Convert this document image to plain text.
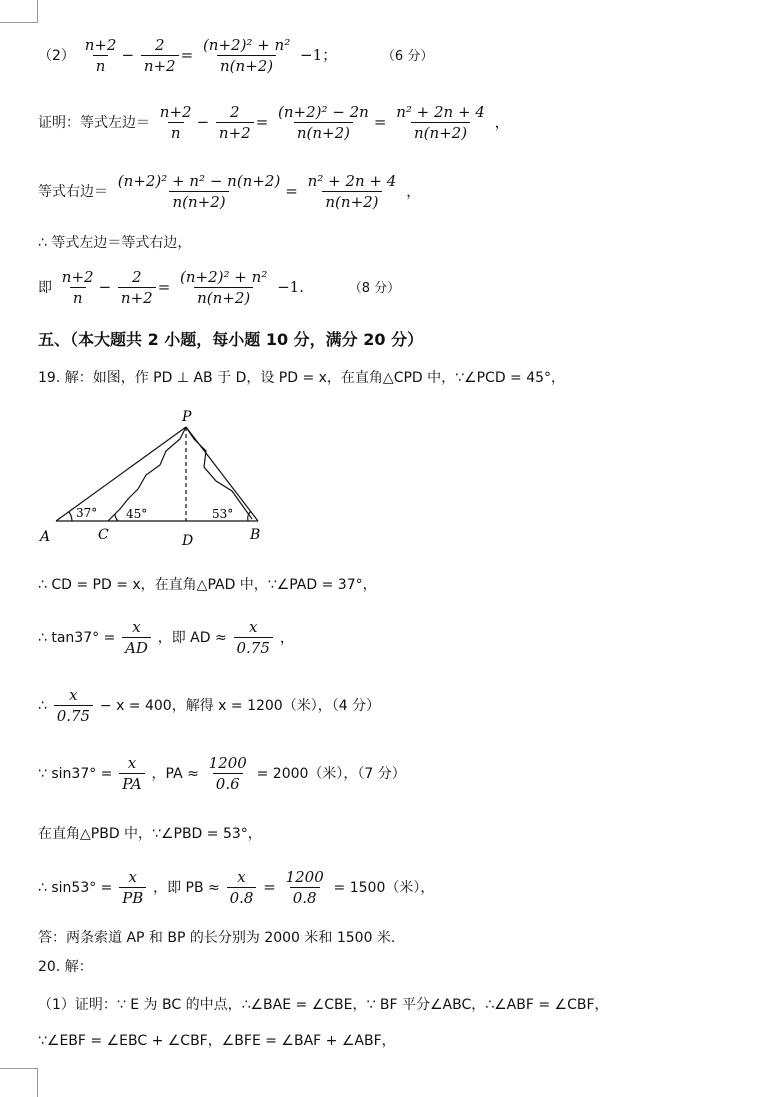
$(2) \frac{n+2}{n} - \frac{2}{n+2} = \frac{\text{(n+2)² + n²}}{n(n+2)} -1$；	（6 分）
证明：等式左边＝ $\frac{n+2}{n} - \frac{2}{n+2} = \frac{\text{(n+2)² − 2n}}{n(n+2)} = \frac{\text{n² + 2n + 4}}{n(n+2)}$ ，
等式右边＝ $\frac{\text{(n+2)² + n² − n(n+2)}}{n(n+2)} = \frac{\text{n² + 2n + 4}}{n(n+2)}$ ，
∴ 等式左边＝等式右边，
即 $\frac{n+2}{n} - \frac{2}{n+2} = \frac{\text{(n+2)² + n²}}{n(n+2)} -1$.	（8 分）
五、（本大题共 2 小题，每小题 10 分，满分 20 分）
19. 解：如图，作 PD ⊥ AB 于 D，设 PD = x，在直角△CPD 中，∵∠PCD = 45°，
P
A	C	D	B
37° 45°	53°
∴ CD = PD = x，在直角△PAD 中，∵∠PAD = 37°，
∴ $\tan 37^\circ = \frac{x}{AD}$ ，即 AD ≈ $\frac{x}{0.75}$ ，
∴ $\frac{x}{0.75} - x = 400$，解得 x = 1200（米），（4 分）
∵ $\sin 37^\circ = \frac{x}{PA}$ ，PA ≈ $\frac{1200}{0.6} = 2000$（米），（7 分）
在直角△PBD 中，∵∠PBD = 53°，
∴ $\sin 53^\circ = \frac{x}{PB}$ ，即 PB ≈ $\frac{x}{0.8} = \frac{1200}{0.8} = 1500$（米），
答：两条索道 AP 和 BP 的长分别为 2000 米和 1500 米.
20. 解：
（1）证明：∵ E 为 BC 的中点，∴∠BAE = ∠CBE，∵ BF 平分∠ABC，∴∠ABF = ∠CBF，
∵∠EBF = ∠EBC + ∠CBF，∠BFE = ∠BAF + ∠ABF，
